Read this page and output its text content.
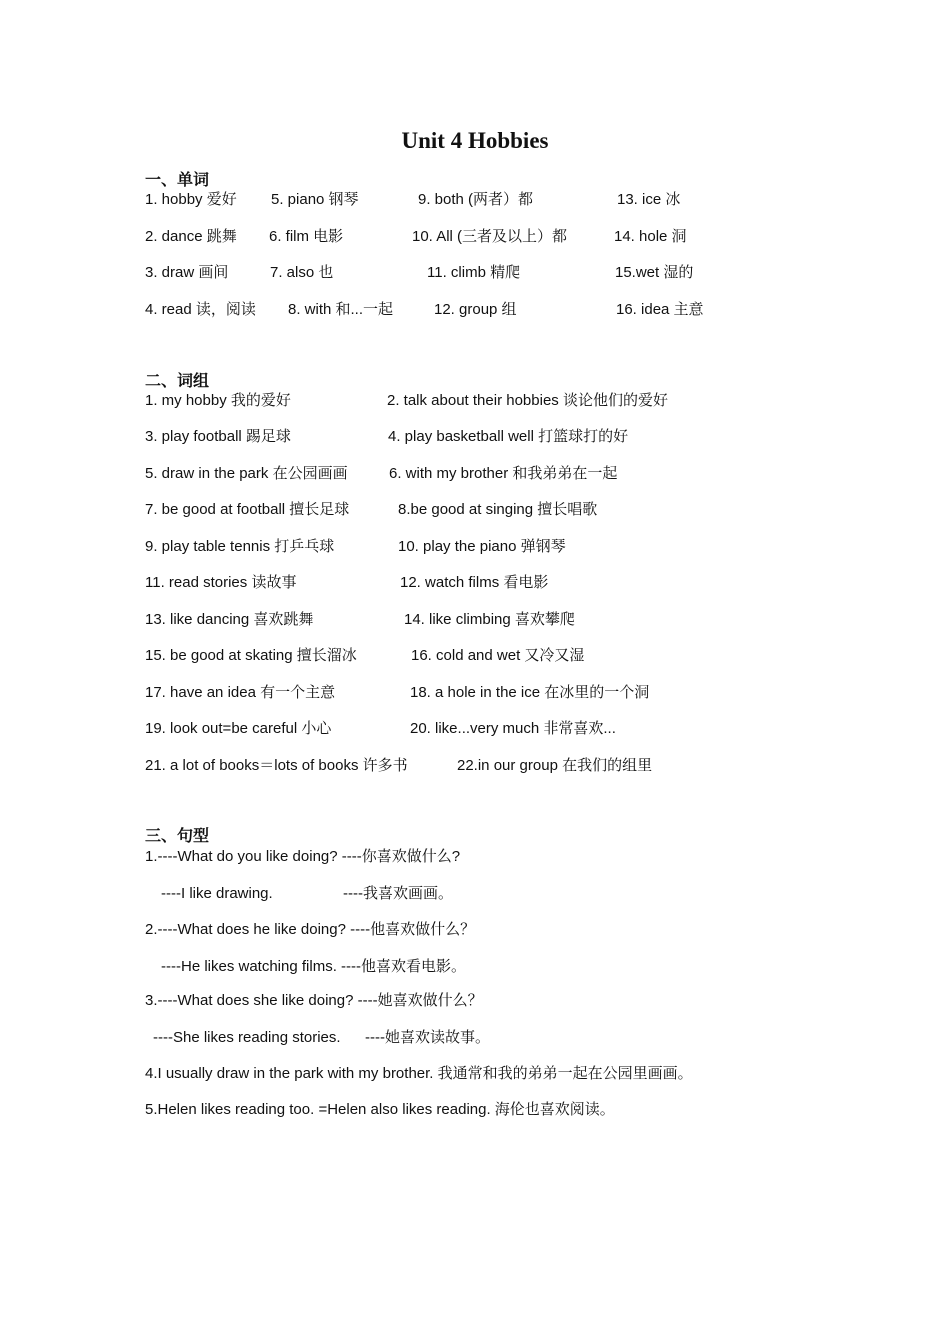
Unit 4 Hobbies
一、单词
1. hobby 爱好 5. piano 钢琴	9. both (两者）都	13. ice 冰
2. dance 跳舞 6. film 电影	10. All (三者及以上）都	14. hole 洞
3. draw 画间	7. also 也	11. climb 精爬	15.wet 湿的
4. read 读，阅读 8. with 和...一起	12. group 组	16. idea 主意
二、词组
1. my hobby 我的爱好	2. talk about their hobbies 谈论他们的爱好
3. play football 踢足球	4. play basketball well 打篮球打的好
5. draw in the park 在公园画画	6. with my brother 和我弟弟在一起
7. be good at football 擅长足球	8.be good at singing 擅长唱歌
9. play table tennis 打乒乓球	10. play the piano 弹钢琴
11. read stories 读故事	12. watch films 看电影
13. like dancing 喜欢跳舞	14. like climbing 喜欢攀爬
15. be good at skating 擅长溜冰	16. cold and wet 又冷又湿
17. have an idea 有一个主意	18. a hole in the ice 在冰里的一个洞
19. look out=be careful 小心	20. like...very much 非常喜欢...
21. a lot of books＝lots of books 许多书	22.in our group 在我们的组里
三、句型
1.----What do you like doing? ----你喜欢做什么?
----I like drawing.	----我喜欢画画。
2.----What does he like doing? ----他喜欢做什么？
----He likes watching films. ----他喜欢看电影。
3.----What does she like doing? ----她喜欢做什么？
----She likes reading stories. ----她喜欢读故事。
4.I usually draw in the park with my brother. 我通常和我的弟弟一起在公园里画画。
5.Helen likes reading too. =Helen also likes reading. 海伦也喜欢阅读。
